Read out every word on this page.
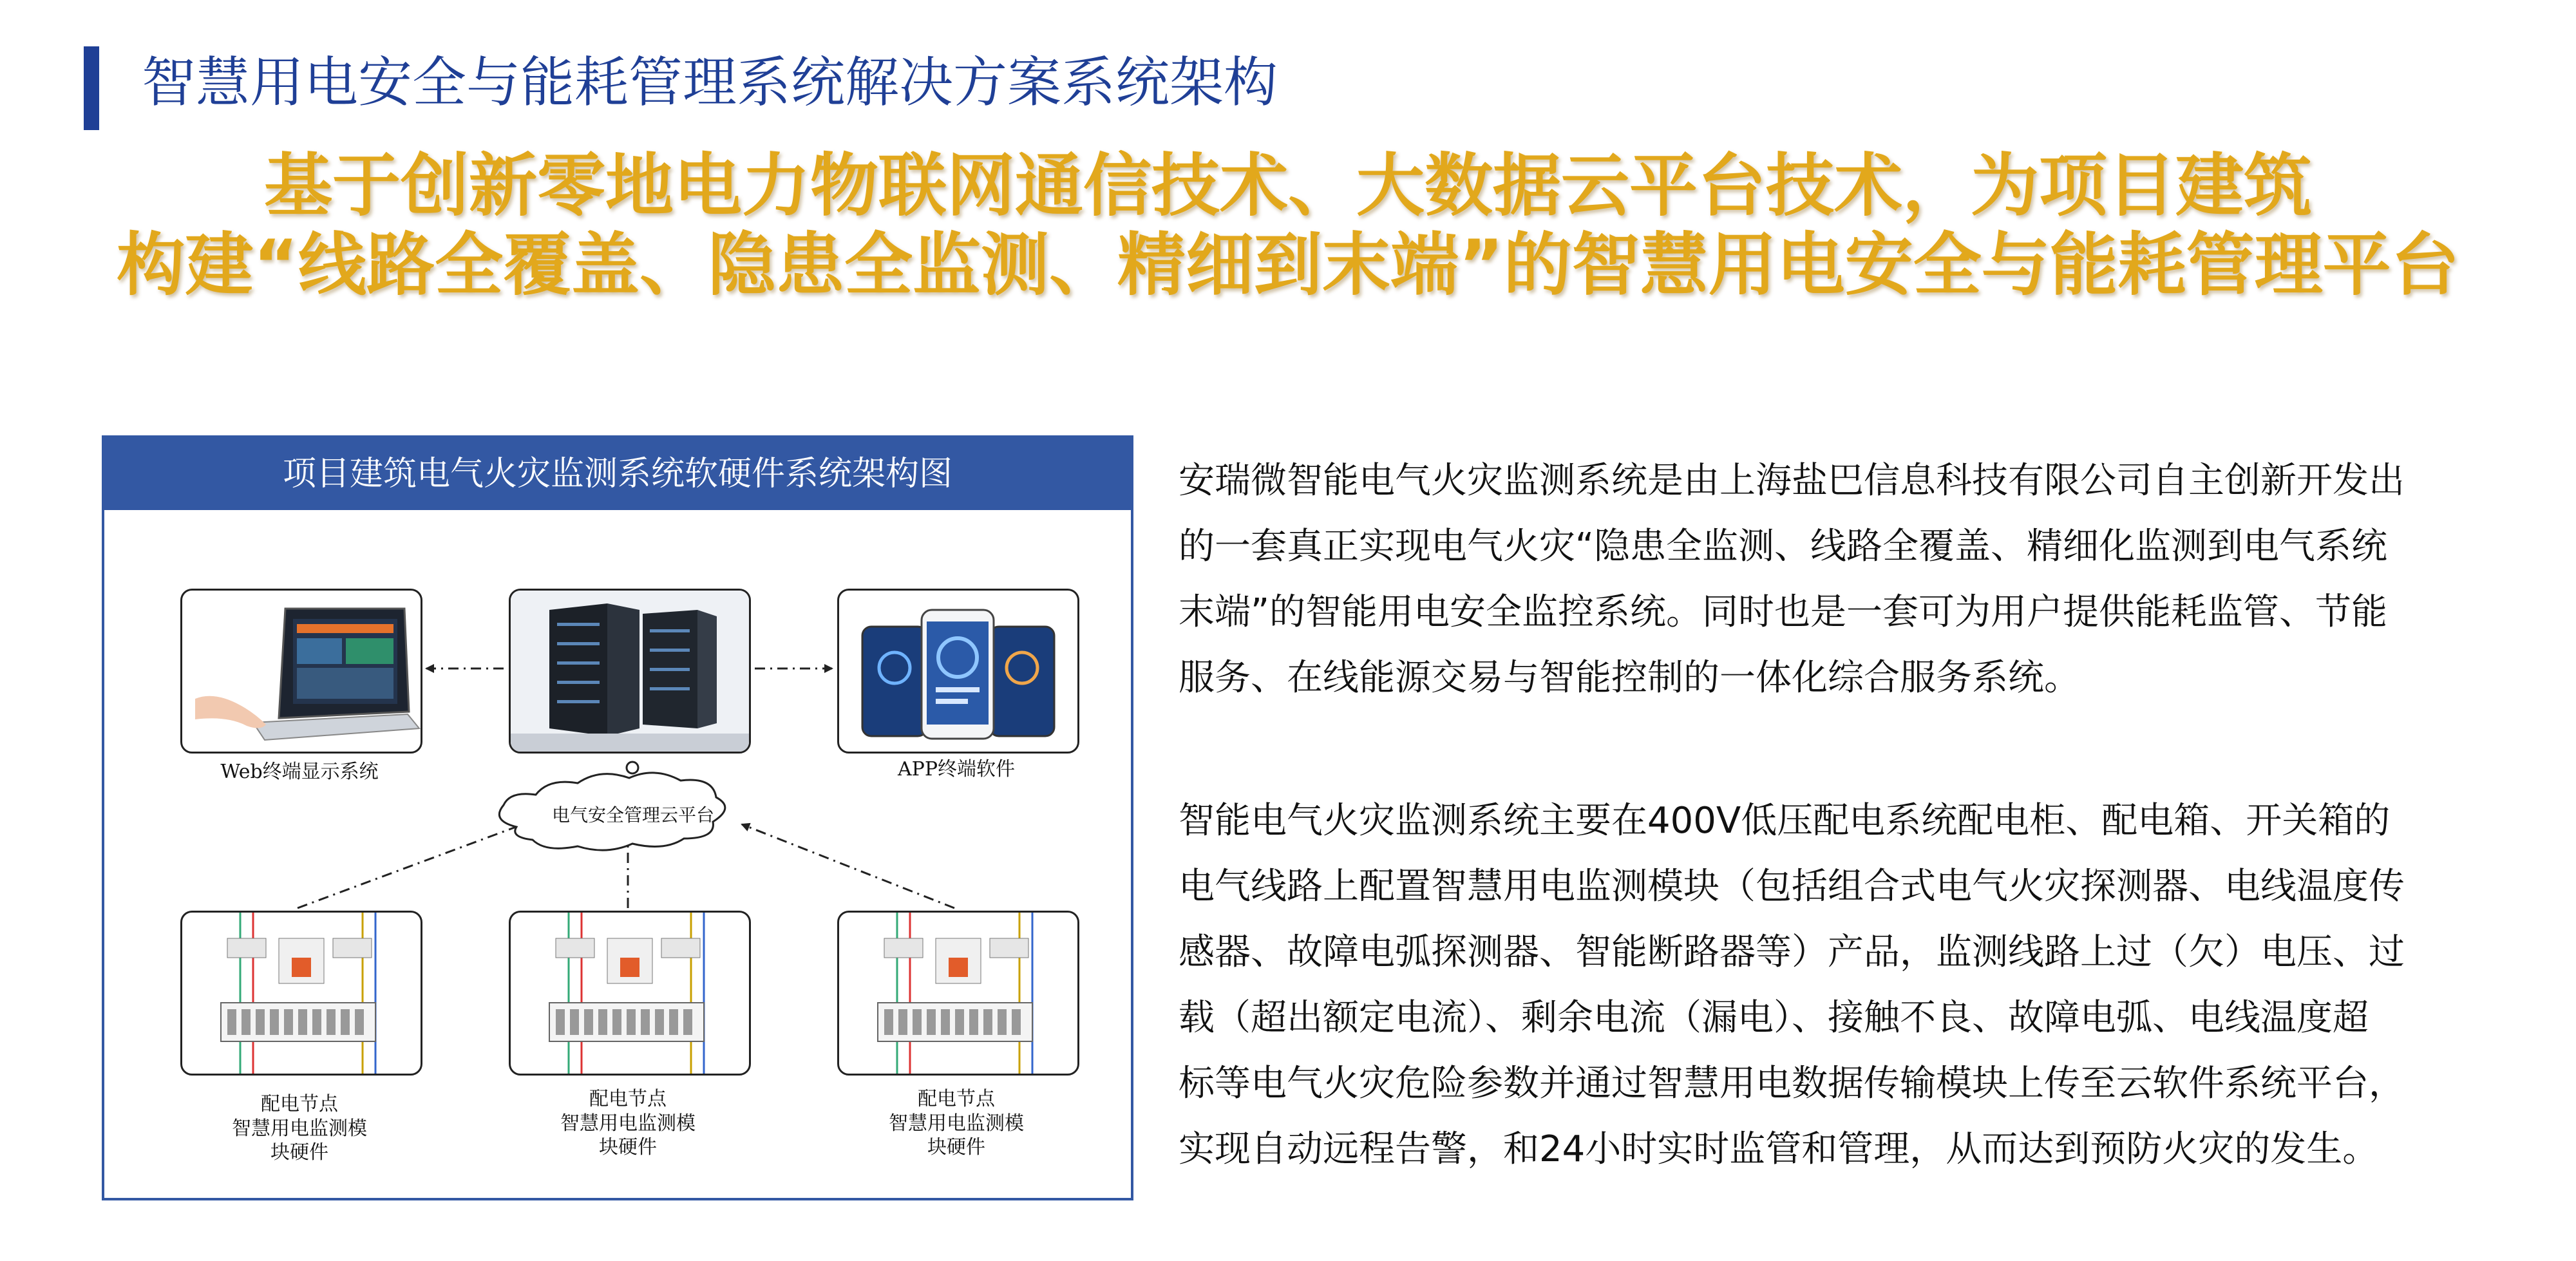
智慧用电安全与能耗管理系统解决方案系统架构
基于创新零地电力物联网通信技术、大数据云平台技术，为项目建筑
构建“线路全覆盖、隐患全监测、精细到末端”的智慧用电安全与能耗管理平台
项目建筑电气火灾监测系统软硬件系统架构图
电气安全管理云平台
Web终端显示系统	APP终端软件
配电节点
智慧用电监测模
块硬件
配电节点
智慧用电监测模
块硬件
配电节点
智慧用电监测模
块硬件

安瑞微智能电气火灾监测系统是由上海盐巴信息科技有限公司自主创新开发出

的一套真正实现电气火灾“隐患全监测、线路全覆盖、精细化监测到电气系统

末端”的智能用电安全监控系统。同时也是一套可为用户提供能耗监管、节能

服务、在线能源交易与智能控制的一体化综合服务系统。

智能电气火灾监测系统主要在400V低压配电系统配电柜、配电箱、开关箱的

电气线路上配置智慧用电监测模块（包括组合式电气火灾探测器、电线温度传

感器、故障电弧探测器、智能断路器等）产品，监测线路上过（欠）电压、过

载（超出额定电流）、剩余电流（漏电）、接触不良、故障电弧、电线温度超

标等电气火灾危险参数并通过智慧用电数据传输模块上传至云软件系统平台，

实现自动远程告警，和24小时实时监管和管理，从而达到预防火灾的发生。
